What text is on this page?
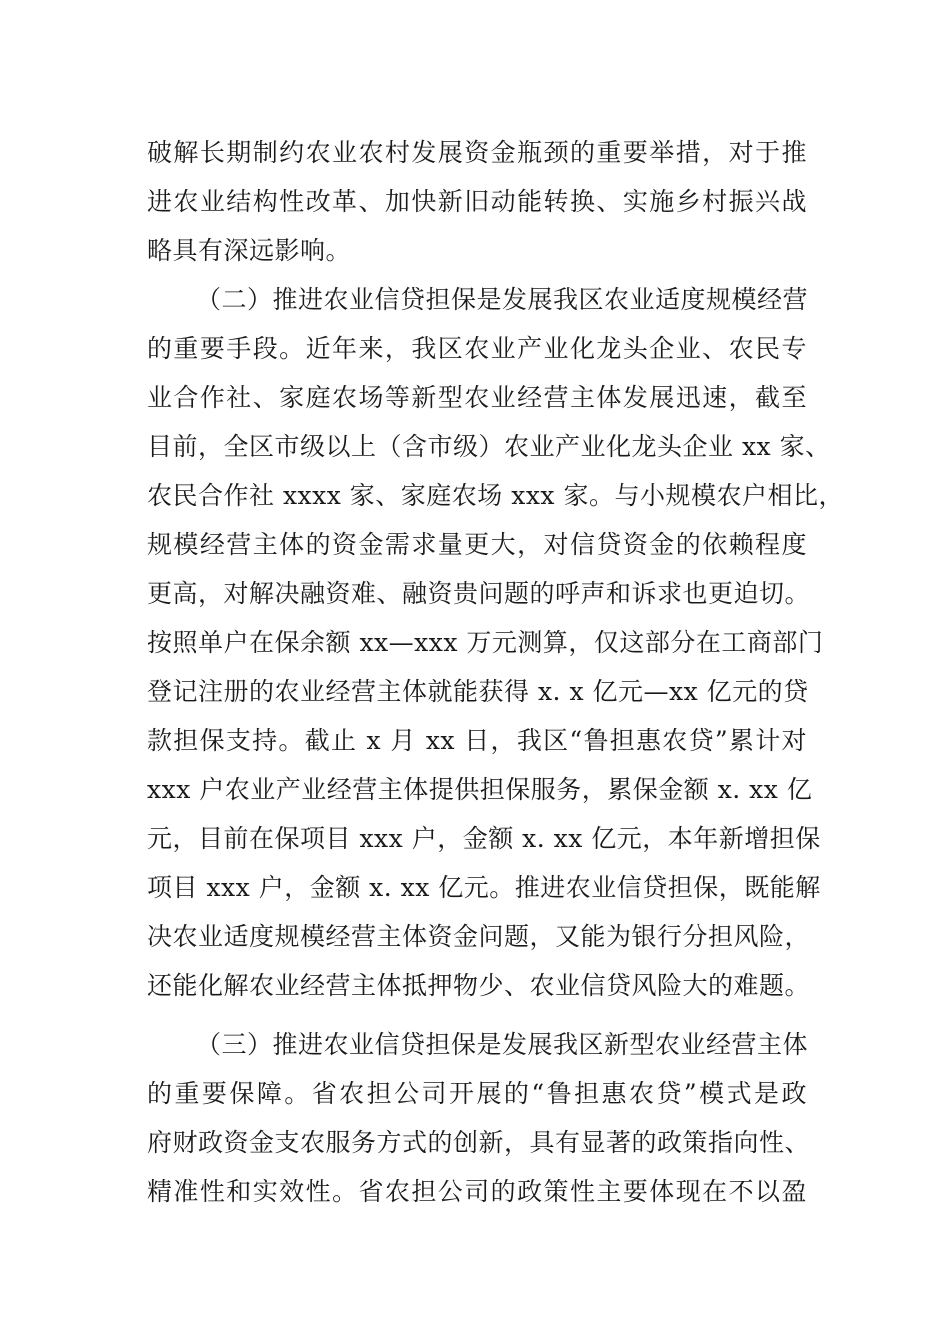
破解长期制约农业农村发展资金瓶颈的重要举措，对于推
进农业结构性改革、加快新旧动能转换、实施乡村振兴战
略具有深远影响。
（二）推进农业信贷担保是发展我区农业适度规模经营
的重要手段。近年来，我区农业产业化龙头企业、农民专
业合作社、家庭农场等新型农业经营主体发展迅速，截至
目前，全区市级以上（含市级）农业产业化龙头企业 xx 家、
农民合作社 xxxx 家、家庭农场 xxx 家。与小规模农户相比，
规模经营主体的资金需求量更大，对信贷资金的依赖程度
更高，对解决融资难、融资贵问题的呼声和诉求也更迫切。
按照单户在保余额 xx—xxx 万元测算，仅这部分在工商部门
登记注册的农业经营主体就能获得 x. x 亿元—xx 亿元的贷
款担保支持。截止 x 月 xx 日，我区“鲁担惠农贷”累计对
xxx 户农业产业经营主体提供担保服务，累保金额 x. xx 亿
元，目前在保项目 xxx 户，金额 x. xx 亿元，本年新增担保
项目 xxx 户，金额 x. xx 亿元。推进农业信贷担保，既能解
决农业适度规模经营主体资金问题，又能为银行分担风险，
还能化解农业经营主体抵押物少、农业信贷风险大的难题。
（三）推进农业信贷担保是发展我区新型农业经营主体
的重要保障。省农担公司开展的“鲁担惠农贷”模式是政
府财政资金支农服务方式的创新，具有显著的政策指向性、
精准性和实效性。省农担公司的政策性主要体现在不以盈
